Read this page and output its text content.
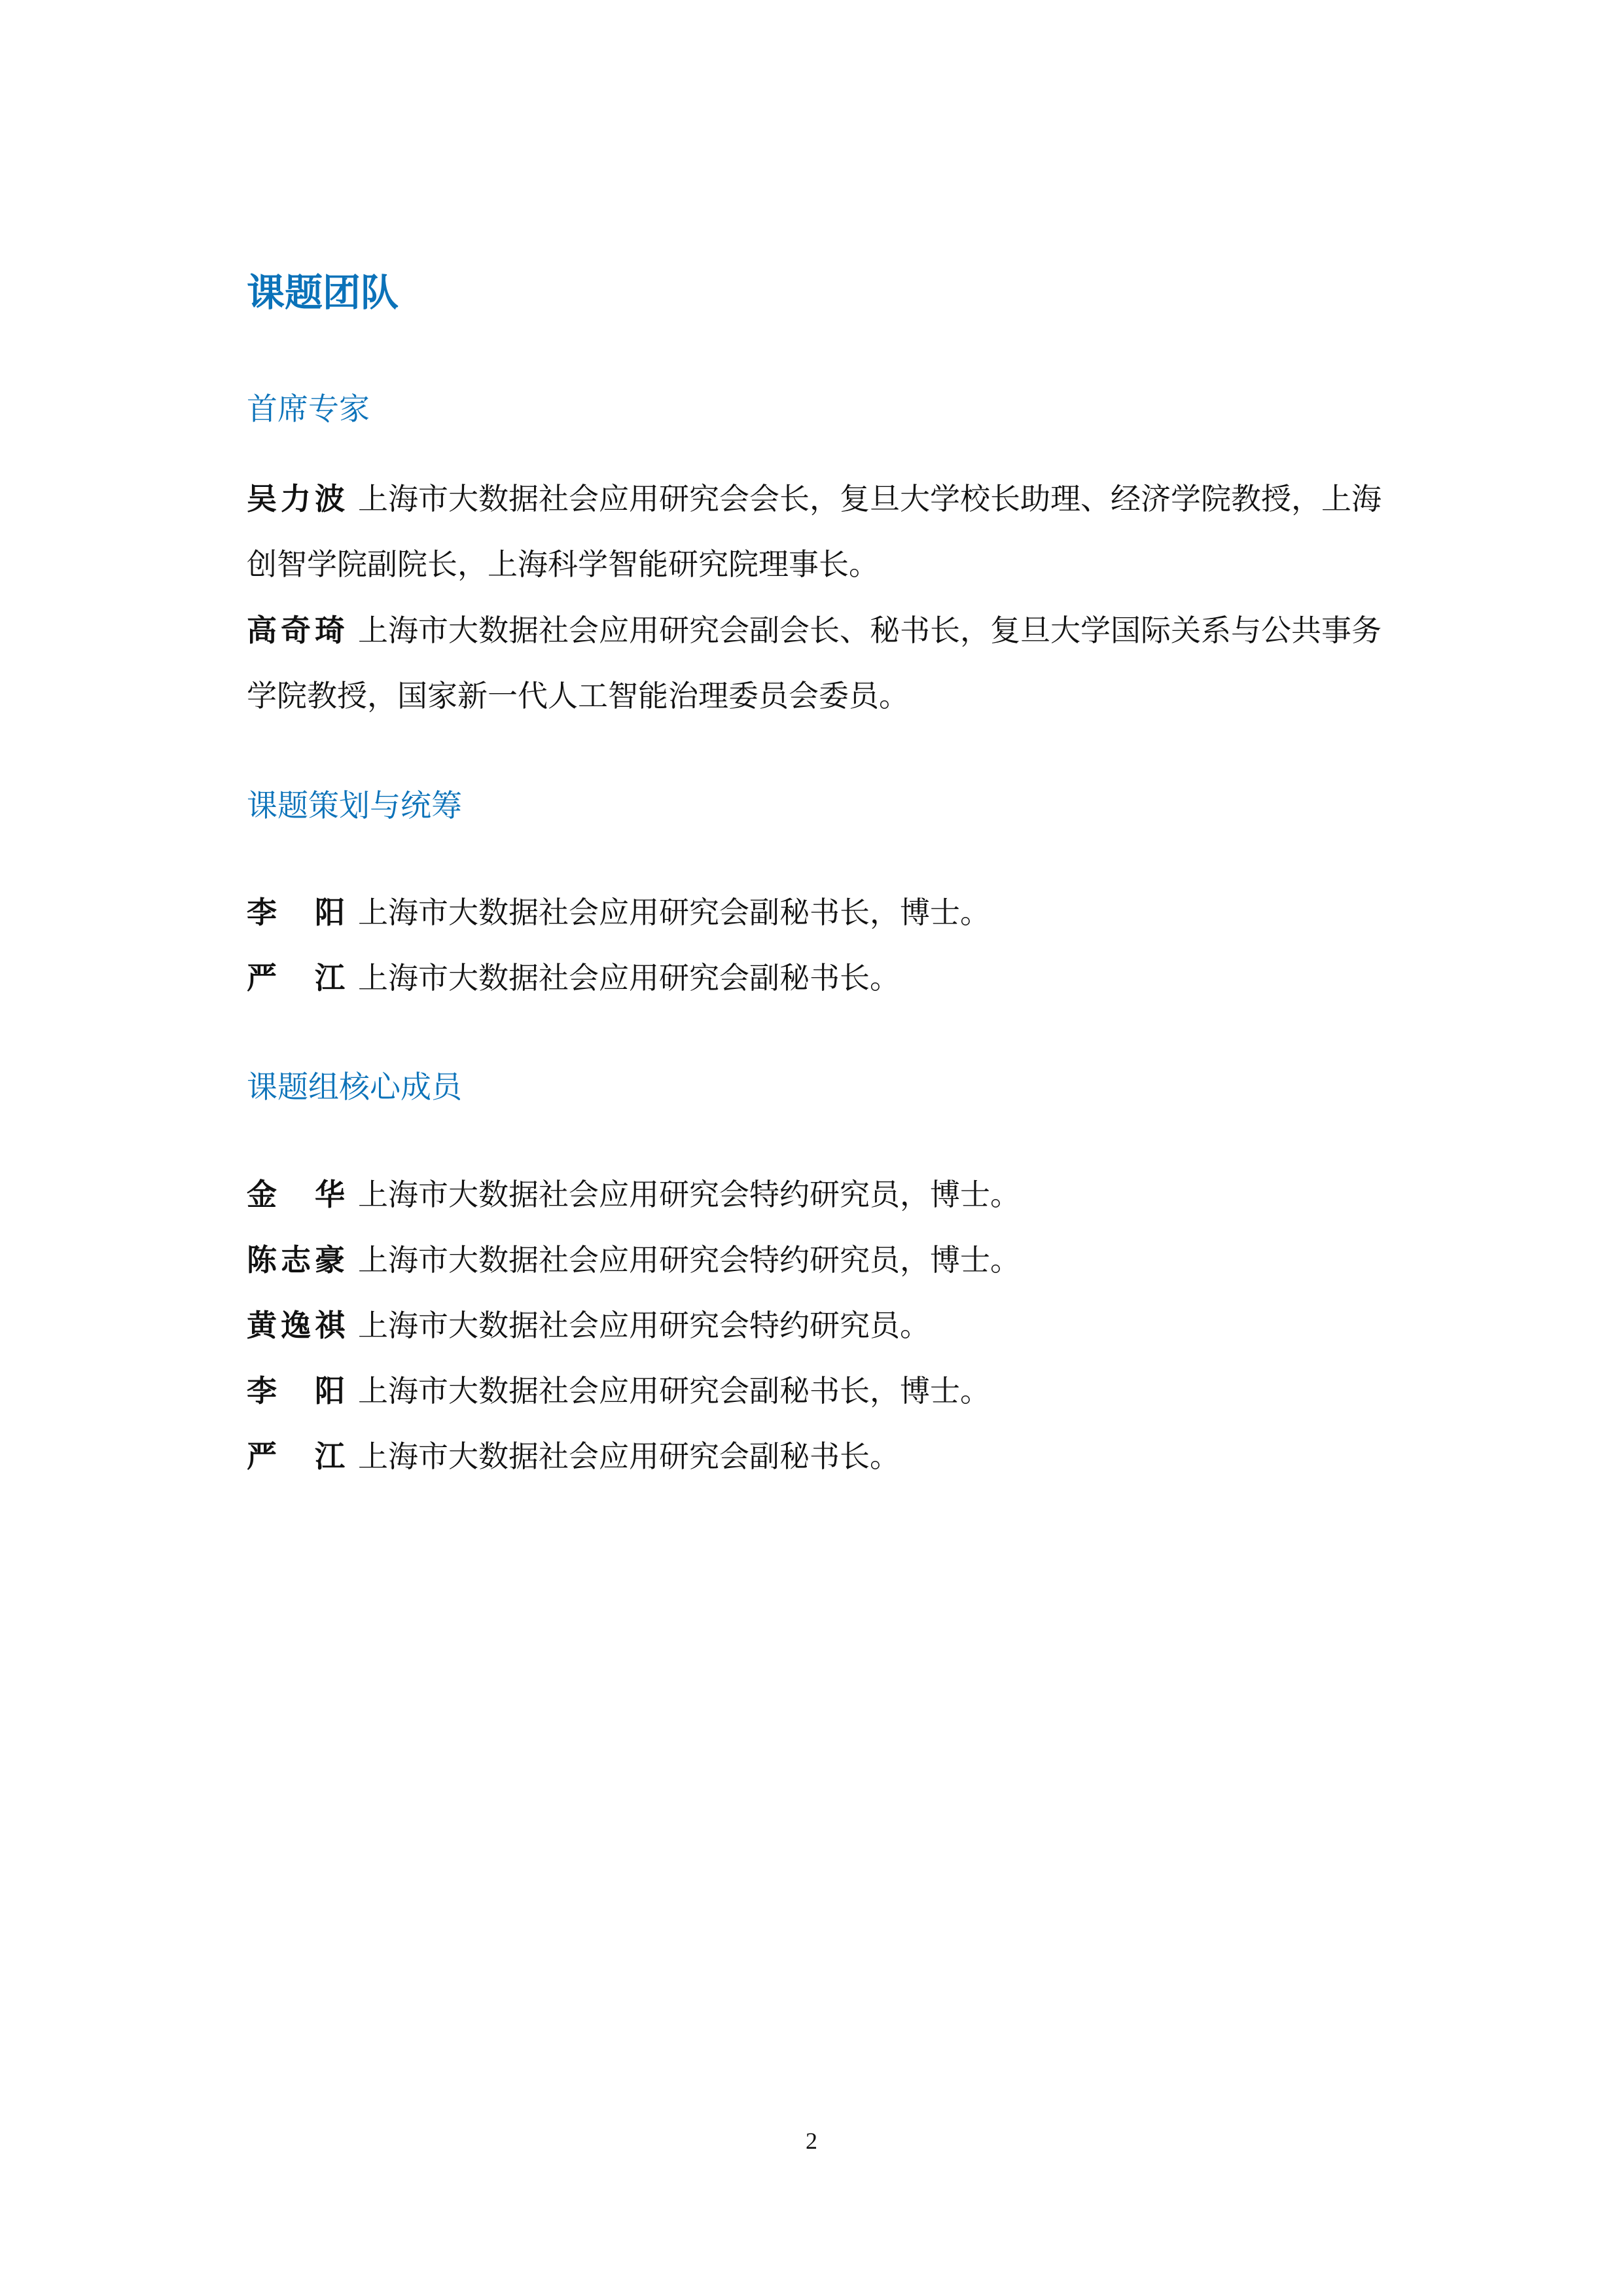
课题团队
首席专家

吴力波 上海市大数据社会应用研究会会长，复旦大学校长助理、经济学院教授，上海创智学院副院长，上海科学智能研究院理事长。

高奇琦 上海市大数据社会应用研究会副会长、秘书长，复旦大学国际关系与公共事务学院教授，国家新一代人工智能治理委员会委员。

课题策划与统筹

李阳 上海市大数据社会应用研究会副秘书长，博士。

严江 上海市大数据社会应用研究会副秘书长。

课题组核心成员

金华 上海市大数据社会应用研究会特约研究员，博士。

陈志豪 上海市大数据社会应用研究会特约研究员，博士。

黄逸祺 上海市大数据社会应用研究会特约研究员。

李阳 上海市大数据社会应用研究会副秘书长，博士。

严江 上海市大数据社会应用研究会副秘书长。

2
